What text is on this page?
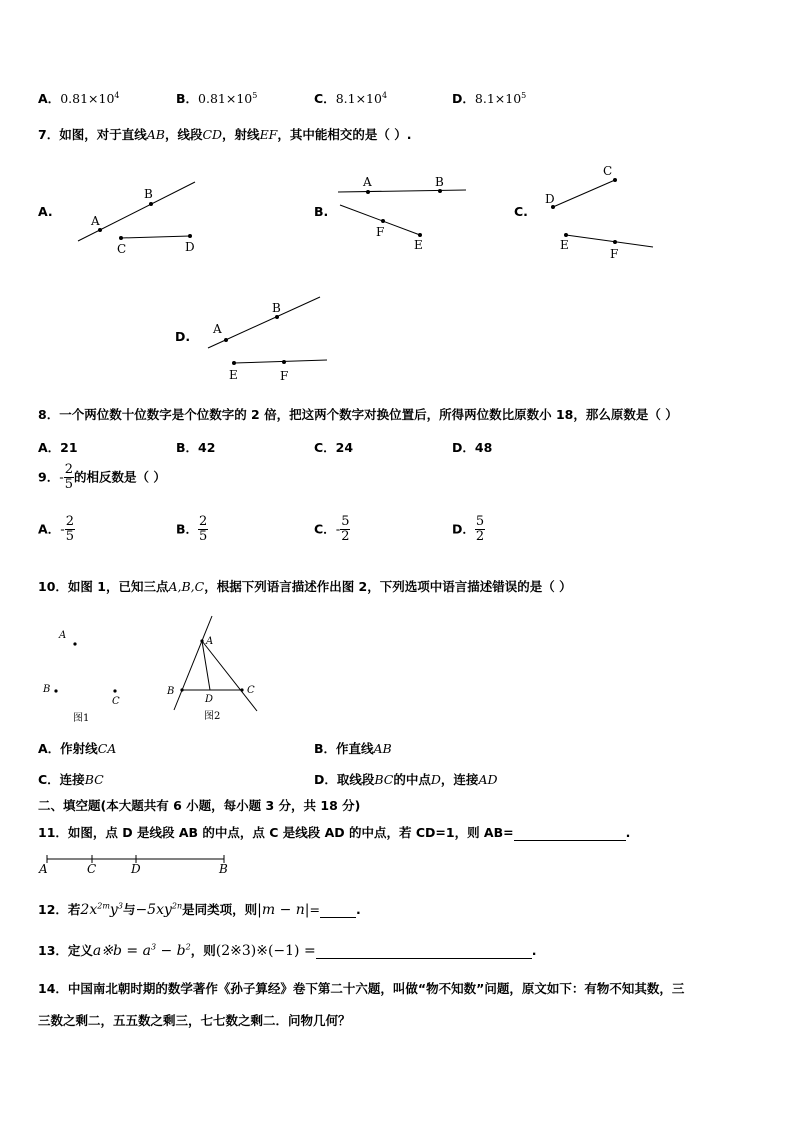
A．$0.81\times 10^4$	B．$0.81\times 10^5$	C．$8.1\times 10^4$	D．$8.1\times 10^5$
7．如图，对于直线AB，线段CD，射线EF，其中能相交的是（ ）.
A.	B.	C.
D.
A
B
C	D
A	B
F
E
C
D
E
F
A
B
E	F
A
B
C
图1
A
B
D
C
图2
A	C	D	B
8．一个两位数十位数字是个位数字的 2 倍，把这两个数字对换位置后，所得两位数比原数小 18，那么原数是（ ）
A．21	B．42	C．24	D．48
9．- $\frac{2}{5}$ 的相反数是（ ）
A．- $\frac{2}{5}$	B． $\frac{2}{5}$	C．- $\frac{5}{2}$	D． $\frac{5}{2}$
10．如图 1，已知三点A,B,C，根据下列语言描述作出图 2，下列选项中语言描述错误的是（ ）
A．作射线CA	B．作直线AB
C．连接BC	D．取线段BC的中点D，连接AD
二、填空题(本大题共有 6 小题，每小题 3 分，共 18 分)
11．如图，点 D 是线段 AB 的中点，点 C 是线段 AD 的中点，若 CD=1，则 AB=	.
12．若$2x^{2m}y^3$与$-5xy^{2n}$是同类项，则|m − n|=	.
13．定义a※b = $a^3 - b^2$，则(2※3)※(−1) =	.
14．中国南北朝时期的数学著作《孙子算经》卷下第二十六题，叫做“物不知数”问题，原文如下：有物不知其数，三
三数之剩二，五五数之剩三，七七数之剩二．问物几何？
